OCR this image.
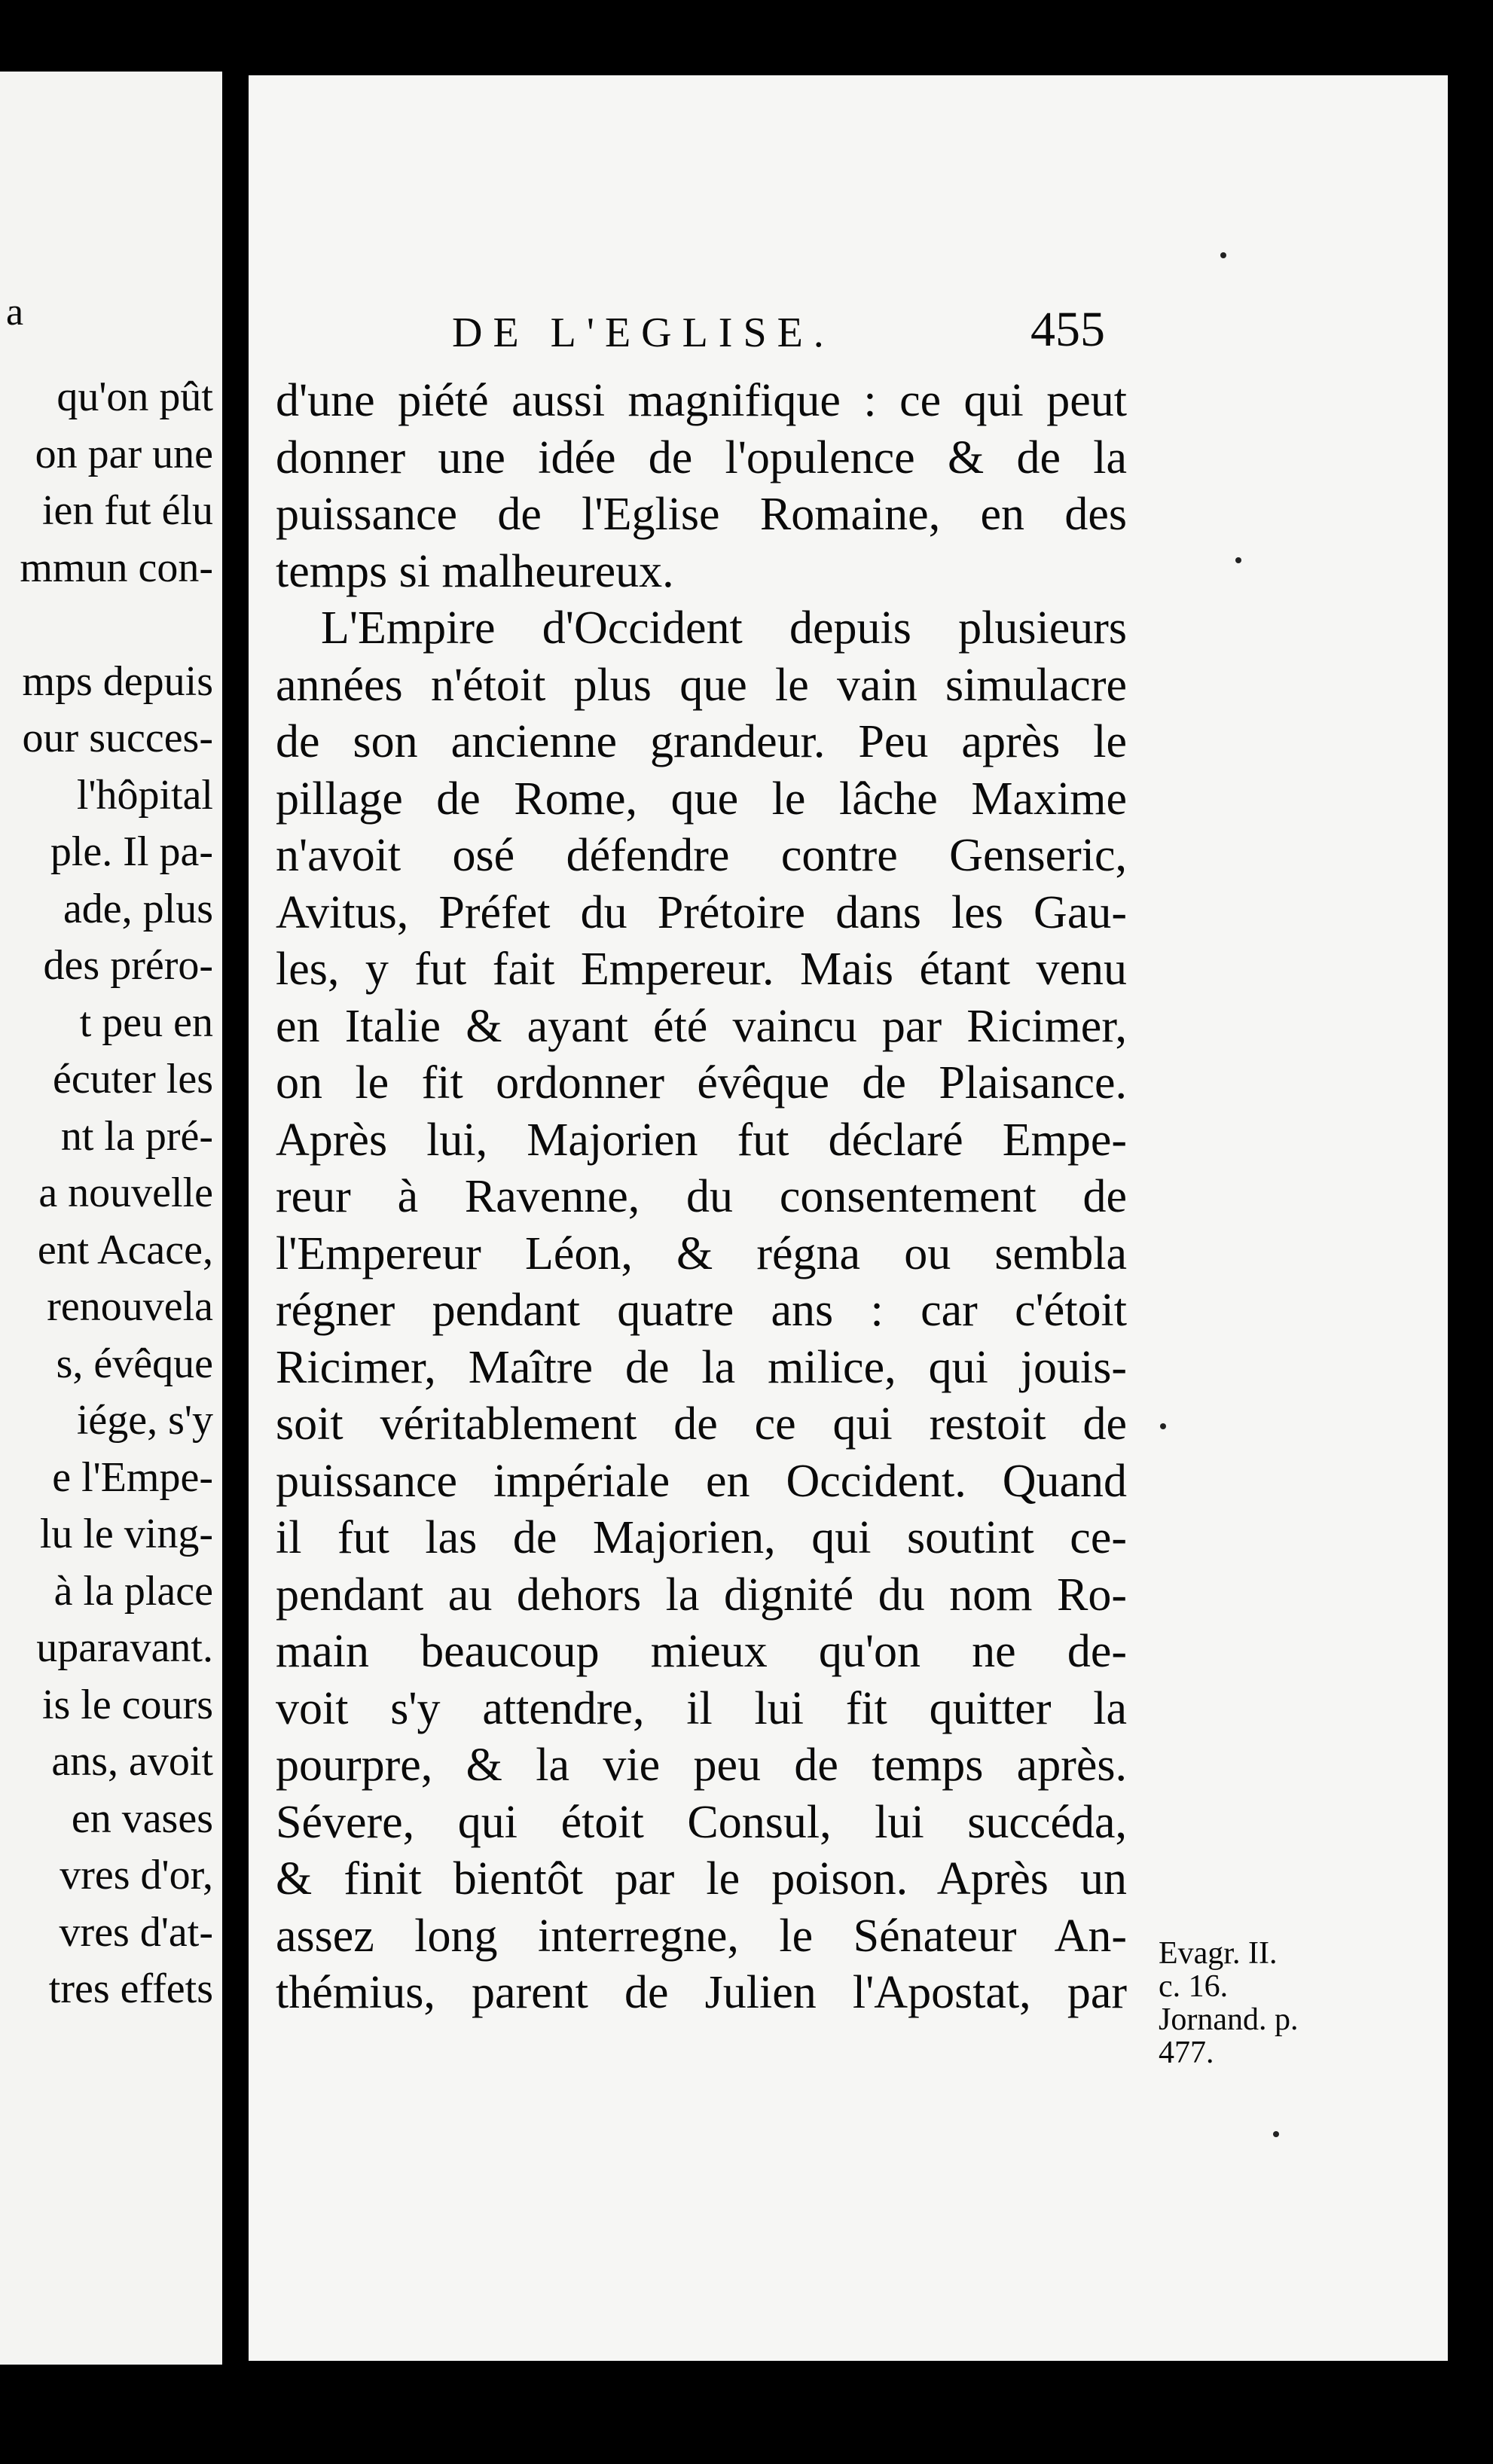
a
qu'on pût
on par une
ien fut élu
mmun con-
mps depuis
our succes-
l'hôpital
ple. Il pa-
ade, plus
des préro-
t peu en
écuter les
nt la pré-
a nouvelle
ent Acace,
renouvela
s, évêque
iége, s'y
e l'Empe-
lu le ving-
à la place
uparavant.
is le cours
ans, avoit
en vases
vres d'or,
vres d'at-
tres effets
DE L'EGLISE.	455
d'une piété aussi magnifique : ce qui peut
donner une idée de l'opulence & de la
puissance de l'Eglise Romaine, en des
temps si malheureux.
L'Empire d'Occident depuis plusieurs
années n'étoit plus que le vain simulacre
de son ancienne grandeur. Peu après le
pillage de Rome, que le lâche Maxime
n'avoit osé défendre contre Genseric,
Avitus, Préfet du Prétoire dans les Gau-
les, y fut fait Empereur. Mais étant venu
en Italie & ayant été vaincu par Ricimer,
on le fit ordonner évêque de Plaisance.
Après lui, Majorien fut déclaré Empe-
reur à Ravenne, du consentement de
l'Empereur Léon, & régna ou sembla
régner pendant quatre ans : car c'étoit
Ricimer, Maître de la milice, qui jouis-
soit véritablement de ce qui restoit de
puissance impériale en Occident. Quand
il fut las de Majorien, qui soutint ce-
pendant au dehors la dignité du nom Ro-
main beaucoup mieux qu'on ne de-
voit s'y attendre, il lui fit quitter la
pourpre, & la vie peu de temps après.
Sévere, qui étoit Consul, lui succéda,
& finit bientôt par le poison. Après un
assez long interregne, le Sénateur An-
thémius, parent de Julien l'Apostat, par
Evagr. II.
c. 16.
Jornand. p.
477.
